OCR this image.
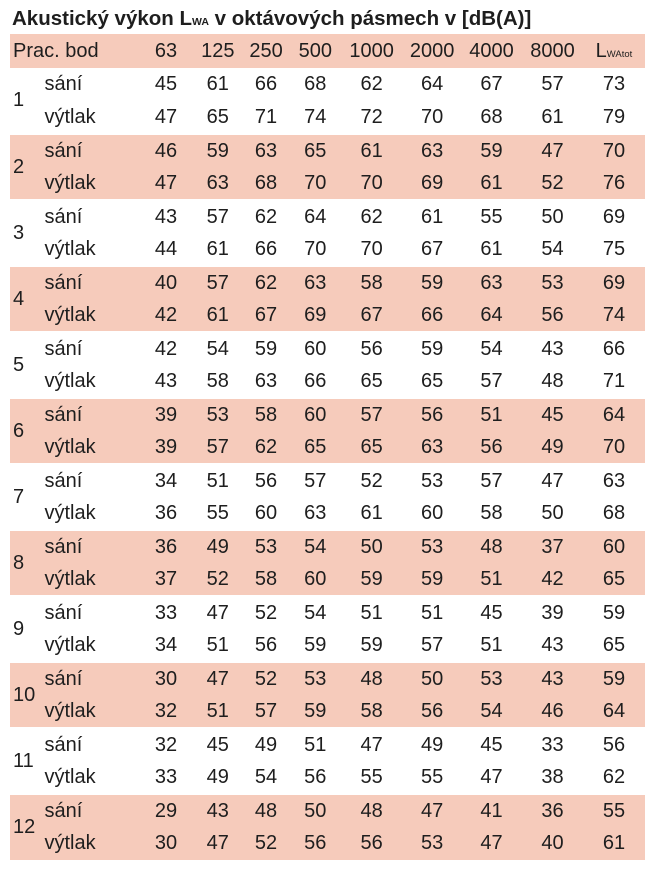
Akustický výkon LWA v oktávových pásmech v [dB(A)]
Prac. bod		63	125	250	500	1000	2000	4000	8000	LWAtot
1	sání	45	61	66	68	62	64	67	57	73
	výtlak	47	65	71	74	72	70	68	61	79
2	sání	46	59	63	65	61	63	59	47	70
	výtlak	47	63	68	70	70	69	61	52	76
3	sání	43	57	62	64	62	61	55	50	69
	výtlak	44	61	66	70	70	67	61	54	75
4	sání	40	57	62	63	58	59	63	53	69
	výtlak	42	61	67	69	67	66	64	56	74
5	sání	42	54	59	60	56	59	54	43	66
	výtlak	43	58	63	66	65	65	57	48	71
6	sání	39	53	58	60	57	56	51	45	64
	výtlak	39	57	62	65	65	63	56	49	70
7	sání	34	51	56	57	52	53	57	47	63
	výtlak	36	55	60	63	61	60	58	50	68
8	sání	36	49	53	54	50	53	48	37	60
	výtlak	37	52	58	60	59	59	51	42	65
9	sání	33	47	52	54	51	51	45	39	59
	výtlak	34	51	56	59	59	57	51	43	65
10	sání	30	47	52	53	48	50	53	43	59
	výtlak	32	51	57	59	58	56	54	46	64
11	sání	32	45	49	51	47	49	45	33	56
	výtlak	33	49	54	56	55	55	47	38	62
12	sání	29	43	48	50	48	47	41	36	55
	výtlak	30	47	52	56	56	53	47	40	61
